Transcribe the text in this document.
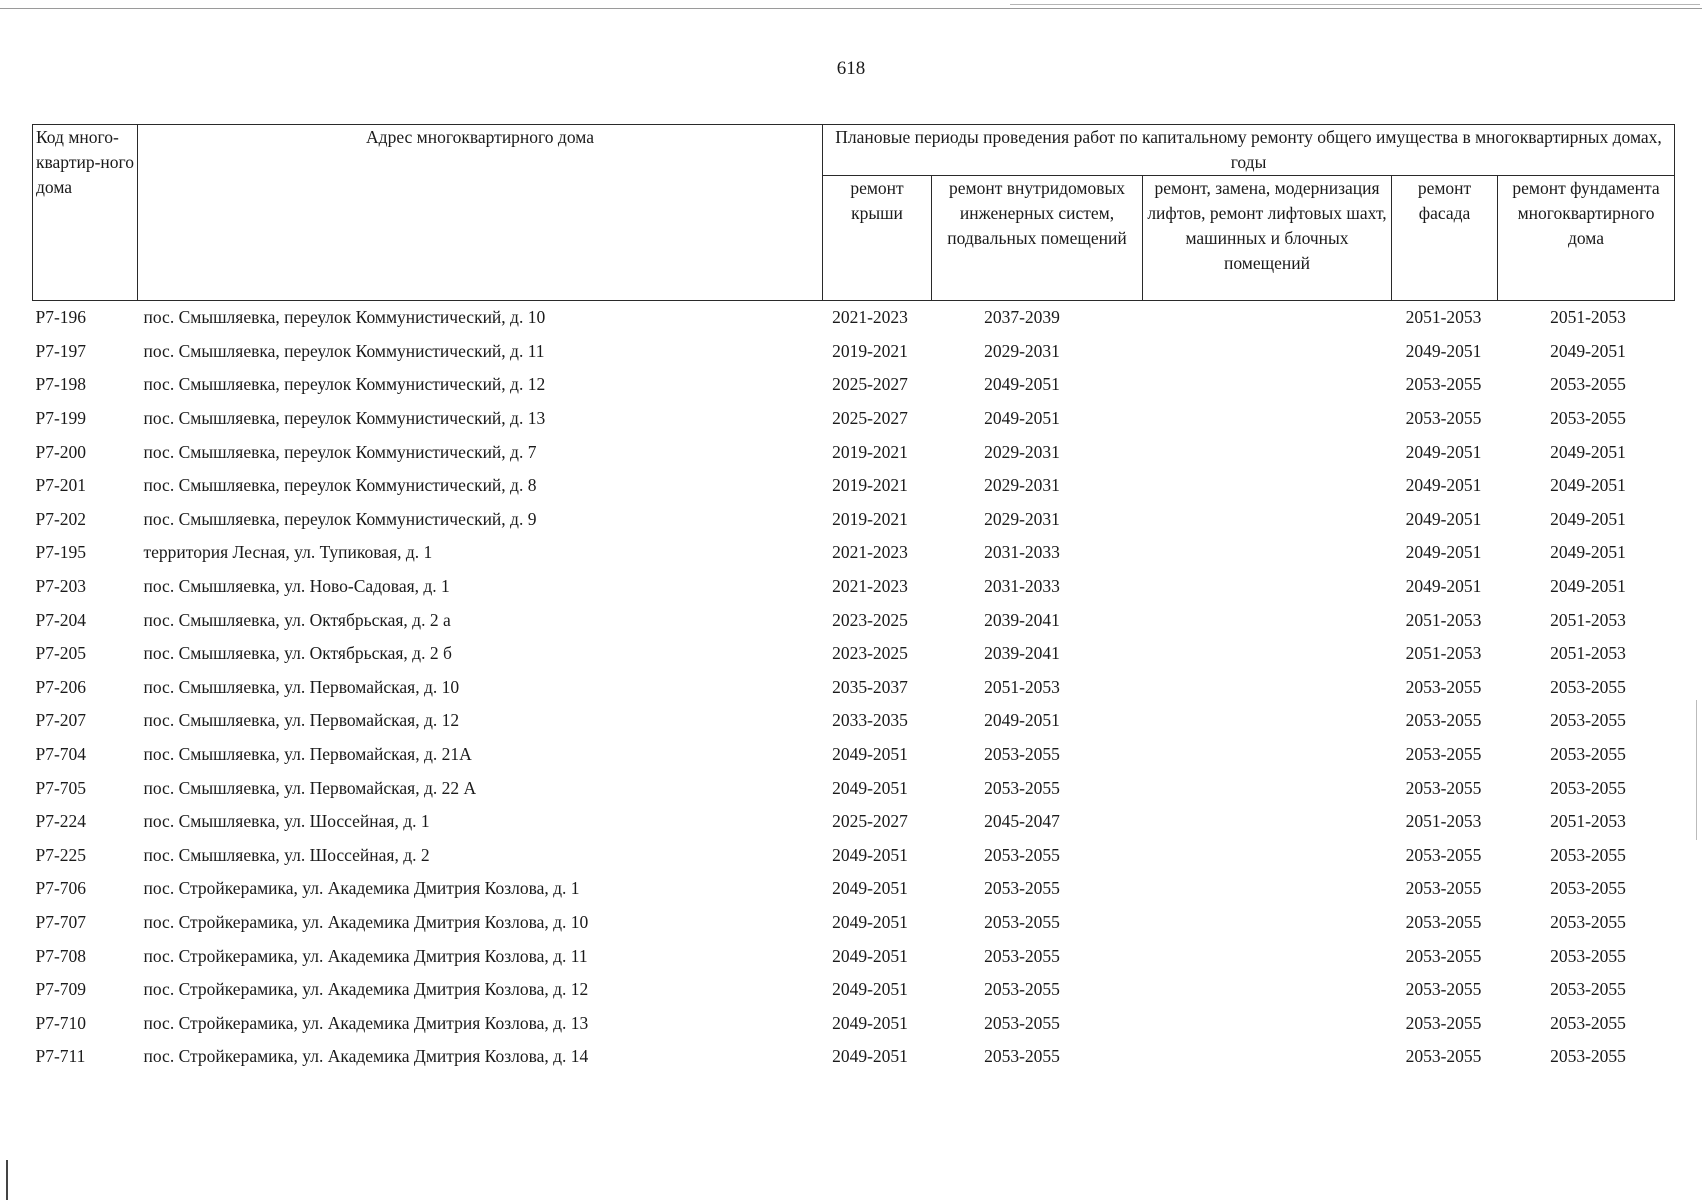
618
Код много-квартир-ного дома	Адрес многоквартирного дома	Плановые периоды проведения работ по капитальному ремонту общего имущества в многоквартирных домах, годы				
		ремонт крыши	ремонт внутридомовых инженерных систем, подвальных помещений	ремонт, замена, модернизация лифтов, ремонт лифтовых шахт, машинных и блочных помещений	ремонт фасада	ремонт фундамента многоквартирного дома
Р7-196	пос. Смышляевка, переулок Коммунистический, д. 10	2021-2023	2037-2039		2051-2053	2051-2053
Р7-197	пос. Смышляевка, переулок Коммунистический, д. 11	2019-2021	2029-2031		2049-2051	2049-2051
Р7-198	пос. Смышляевка, переулок Коммунистический, д. 12	2025-2027	2049-2051		2053-2055	2053-2055
Р7-199	пос. Смышляевка, переулок Коммунистический, д. 13	2025-2027	2049-2051		2053-2055	2053-2055
Р7-200	пос. Смышляевка, переулок Коммунистический, д. 7	2019-2021	2029-2031		2049-2051	2049-2051
Р7-201	пос. Смышляевка, переулок Коммунистический, д. 8	2019-2021	2029-2031		2049-2051	2049-2051
Р7-202	пос. Смышляевка, переулок Коммунистический, д. 9	2019-2021	2029-2031		2049-2051	2049-2051
Р7-195	территория Лесная, ул. Тупиковая, д. 1	2021-2023	2031-2033		2049-2051	2049-2051
Р7-203	пос. Смышляевка, ул. Ново-Садовая, д. 1	2021-2023	2031-2033		2049-2051	2049-2051
Р7-204	пос. Смышляевка, ул. Октябрьская, д. 2 а	2023-2025	2039-2041		2051-2053	2051-2053
Р7-205	пос. Смышляевка, ул. Октябрьская, д. 2 б	2023-2025	2039-2041		2051-2053	2051-2053
Р7-206	пос. Смышляевка, ул. Первомайская, д. 10	2035-2037	2051-2053		2053-2055	2053-2055
Р7-207	пос. Смышляевка, ул. Первомайская, д. 12	2033-2035	2049-2051		2053-2055	2053-2055
Р7-704	пос. Смышляевка, ул. Первомайская, д. 21А	2049-2051	2053-2055		2053-2055	2053-2055
Р7-705	пос. Смышляевка, ул. Первомайская, д. 22 А	2049-2051	2053-2055		2053-2055	2053-2055
Р7-224	пос. Смышляевка, ул. Шоссейная, д. 1	2025-2027	2045-2047		2051-2053	2051-2053
Р7-225	пос. Смышляевка, ул. Шоссейная, д. 2	2049-2051	2053-2055		2053-2055	2053-2055
Р7-706	пос. Стройкерамика, ул. Академика Дмитрия Козлова, д. 1	2049-2051	2053-2055		2053-2055	2053-2055
Р7-707	пос. Стройкерамика, ул. Академика Дмитрия Козлова, д. 10	2049-2051	2053-2055		2053-2055	2053-2055
Р7-708	пос. Стройкерамика, ул. Академика Дмитрия Козлова, д. 11	2049-2051	2053-2055		2053-2055	2053-2055
Р7-709	пос. Стройкерамика, ул. Академика Дмитрия Козлова, д. 12	2049-2051	2053-2055		2053-2055	2053-2055
Р7-710	пос. Стройкерамика, ул. Академика Дмитрия Козлова, д. 13	2049-2051	2053-2055		2053-2055	2053-2055
Р7-711	пос. Стройкерамика, ул. Академика Дмитрия Козлова, д. 14	2049-2051	2053-2055		2053-2055	2053-2055
